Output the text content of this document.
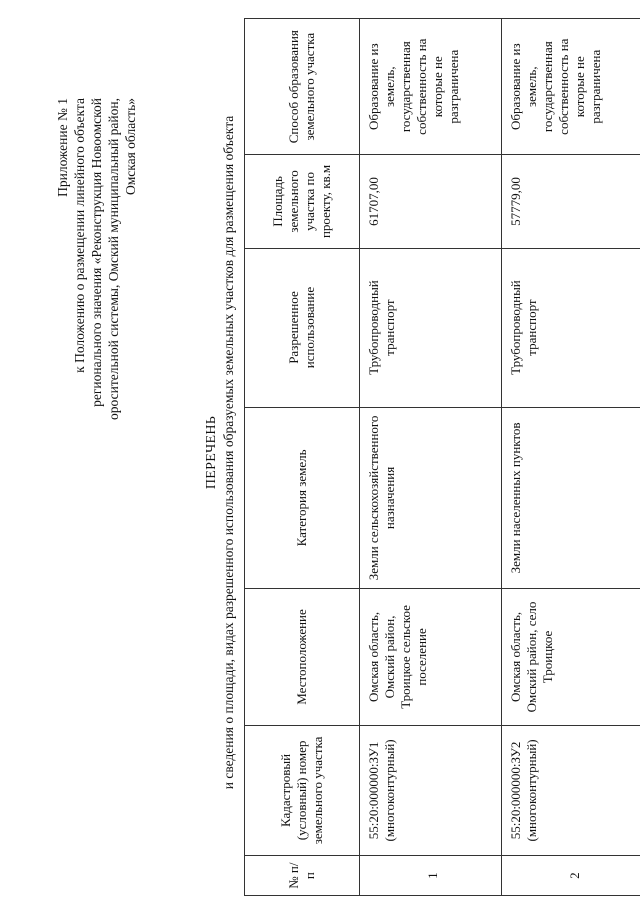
Приложение № 1 к Положению о размещении линейного объекта регионального значения «Реконструкция Новоомской оросительной системы, Омский муниципальный район, Омская область»
ПЕРЕЧЕНЬ и сведения о площади, видах разрешенного использования образуемых земельных участков для размещения объекта
№ п/п	Кадастровый (условный) номер земельного участка	Местоположение	Категория земель	Разрешенное использование	Площадь земельного участка по проекту, кв.м	Способ образования земельного участка
1	55:20:000000:ЗУ1 (многоконтурный)	Омская область, Омский район, Троицкое сельское поселение	Земли сельскохозяйственного назначения	Трубопроводный транспорт	61707,00	Образование из земель, государственная собственность на которые не разграничена
2	55:20:000000:ЗУ2 (многоконтурный)	Омская область, Омский район, село Троицкое	Земли населенных пунктов	Трубопроводный транспорт	57779,00	Образование из земель, государственная собственность на которые не разграничена
